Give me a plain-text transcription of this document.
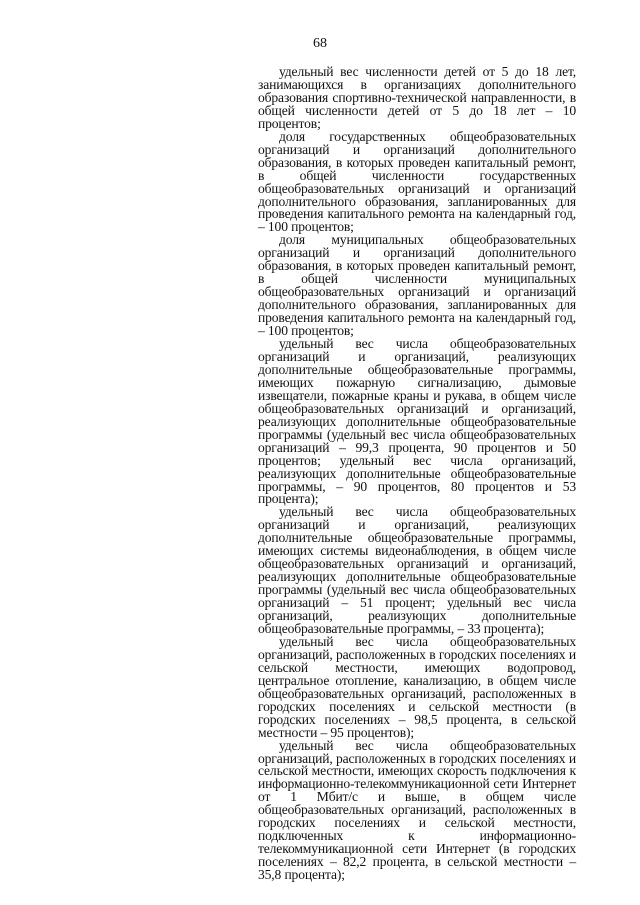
68

удельный вес численности детей от 5 до 18 лет, занимающихся в организациях дополнительного образования спортивно-технической направленности, в общей численности детей от 5 до 18 лет – 10 процентов;

доля государственных общеобразовательных организаций и организаций дополнительного образования, в которых проведен капитальный ремонт, в общей численности государственных общеобразовательных организаций и организаций дополнительного образования, запланированных для проведения капитального ремонта на календарный год, – 100 процентов;

доля муниципальных общеобразовательных организаций и организаций дополнительного образования, в которых проведен капитальный ремонт, в общей численности муниципальных общеобразовательных организаций и организаций дополнительного образования, запланированных для проведения капитального ремонта на календарный год, – 100 процентов;

удельный вес числа общеобразовательных организаций и организаций, реализующих дополнительные общеобразовательные программы, имеющих пожарную сигнализацию, дымовые извещатели, пожарные краны и рукава, в общем числе общеобразовательных организаций и организаций, реализующих дополнительные общеобразовательные программы (удельный вес числа общеобразовательных организаций – 99,3 процента, 90 процентов и 50 процентов; удельный вес числа организаций, реализующих дополнительные общеобразовательные программы, – 90 процентов, 80 процентов и 53 процента);

удельный вес числа общеобразовательных организаций и организаций, реализующих дополнительные общеобразовательные программы, имеющих системы видеонаблюдения, в общем числе общеобразовательных организаций и организаций, реализующих дополнительные общеобразовательные программы (удельный вес числа общеобразовательных организаций – 51 процент; удельный вес числа организаций, реализующих дополнительные общеобразовательные программы, – 33 процента);

удельный вес числа общеобразовательных организаций, расположенных в городских поселениях и сельской местности, имеющих водопровод, центральное отопление, канализацию, в общем числе общеобразовательных организаций, расположенных в городских поселениях и сельской местности (в городских поселениях – 98,5 процента, в сельской местности – 95 процентов);

удельный вес числа общеобразовательных организаций, расположенных в городских поселениях и сельской местности, имеющих скорость подключения к информационно-телекоммуникационной сети Интернет от 1 Мбит/с и выше, в общем числе общеобразовательных организаций, расположенных в городских поселениях и сельской местности, подключенных к информационно-телекоммуникационной сети Интернет (в городских поселениях – 82,2 процента, в сельской местности – 35,8 процента);
